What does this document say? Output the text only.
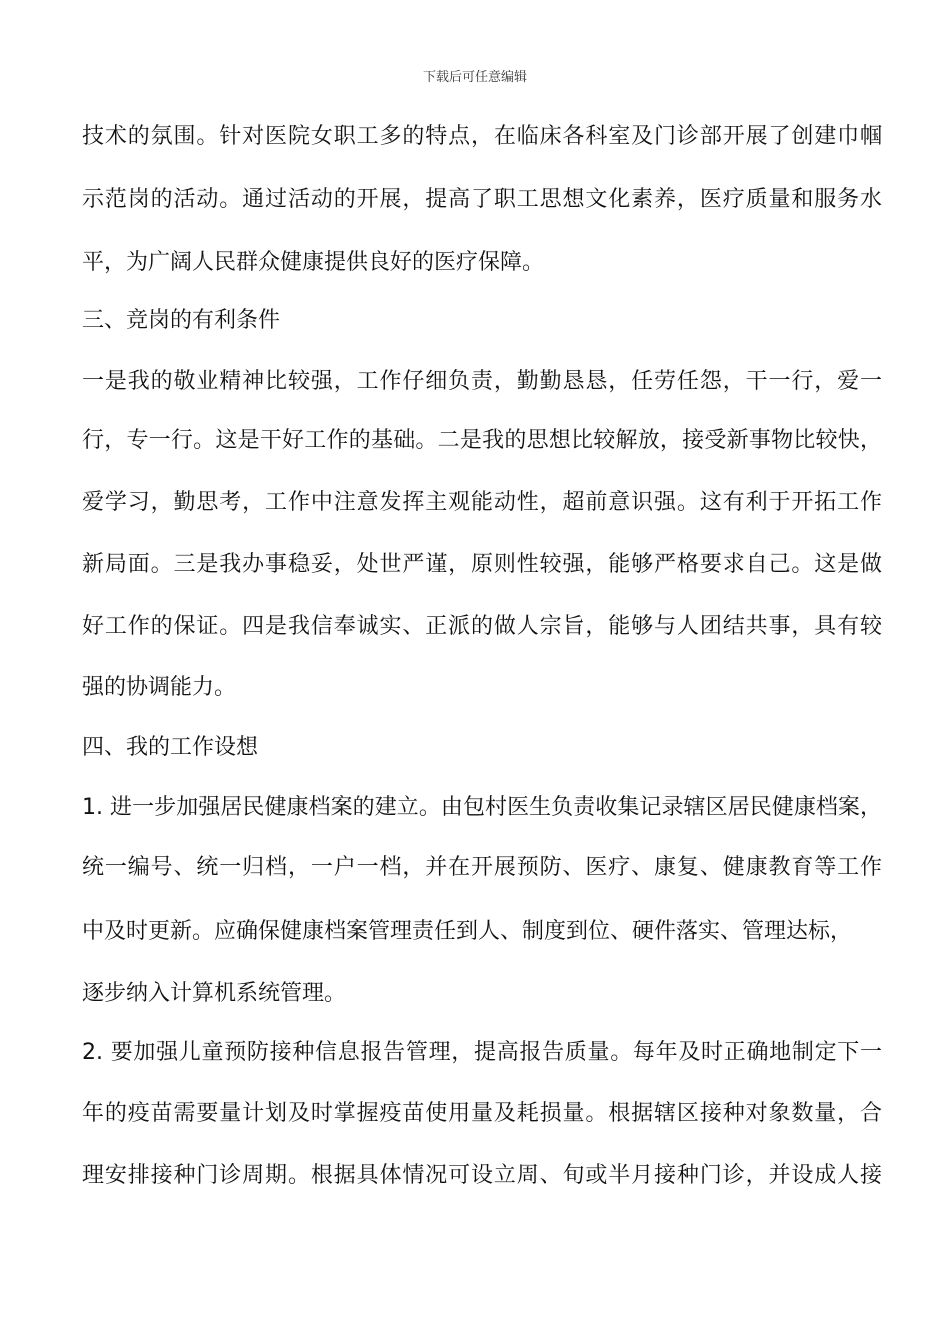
下载后可任意编辑
技术的氛围。针对医院女职工多的特点，在临床各科室及门诊部开展了创建巾帼
示范岗的活动。通过活动的开展，提高了职工思想文化素养，医疗质量和服务水
平，为广阔人民群众健康提供良好的医疗保障。
三、竞岗的有利条件
一是我的敬业精神比较强，工作仔细负责，勤勤恳恳，任劳任怨，干一行，爱一
行，专一行。这是干好工作的基础。二是我的思想比较解放，接受新事物比较快，
爱学习，勤思考，工作中注意发挥主观能动性，超前意识强。这有利于开拓工作
新局面。三是我办事稳妥，处世严谨，原则性较强，能够严格要求自己。这是做
好工作的保证。四是我信奉诚实、正派的做人宗旨，能够与人团结共事，具有较
强的协调能力。
四、我的工作设想
1. 进一步加强居民健康档案的建立。由包村医生负责收集记录辖区居民健康档案，
统一编号、统一归档，一户一档，并在开展预防、医疗、康复、健康教育等工作
中及时更新。应确保健康档案管理责任到人、制度到位、硬件落实、管理达标，
逐步纳入计算机系统管理。
2. 要加强儿童预防接种信息报告管理，提高报告质量。每年及时正确地制定下一
年的疫苗需要量计划及时掌握疫苗使用量及耗损量。根据辖区接种对象数量，合
理安排接种门诊周期。根据具体情况可设立周、旬或半月接种门诊，并设成人接
